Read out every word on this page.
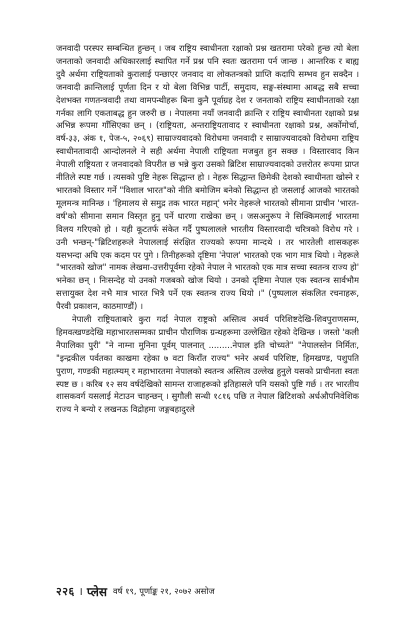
जनवादी परस्पर सम्बन्धित हुन्छन् । जब राष्ट्रिय स्वाधीनता रक्षाको प्रश्न खतरामा परेको हुन्छ त्यो बेला जनताको जनवादी अधिकारलाई स्थापित गर्ने प्रश्न पनि स्वतः खतरामा पर्न जान्छ । आन्तरिक र बाह्य दुवै अर्थमा राष्ट्रियताको कुरालाई पन्छाएर जनवाद वा लोकतन्त्रको प्राप्ति कदापि सम्भव हुन सक्दैन । जनवादी क्रान्तिलाई पूर्णता दिन र यो बेला विभिन्न पार्टी, समुदाय, सङ्घ-संस्थामा आबद्ध सबै सच्चा देशभक्त गणतन्त्रवादी तथा वामपन्थीहरू बिना कुनै पूर्वाग्रह देश र जनताको राष्ट्रिय स्वाधीनताको रक्षा गर्नका लागि एकताबद्ध हुन जरुरी छ । नेपालमा नयाँ जनवादी क्रान्ति र राष्ट्रिय स्वाधीनता रक्षाको प्रश्न अभिन्न रूपमा गाँसिएका छन् । (राष्ट्रियता, अन्तराष्ट्रियतावाद र स्वाधीनता रक्षाको प्रश्न, अर्कोमोर्चा, वर्ष-३३, अंक १, पेज-५, २०६९) साम्राज्यवादको विरोधमा जनवादी र साम्राज्यवादको विरोधमा राष्ट्रिय स्वाधीनतावादी आन्दोलनले ने सही अर्थमा नेपाली राष्ट्रियता मजबुत हुन सक्छ । विस्तारवाद किन नेपाली राष्ट्रियता र जनवादको विपरीत छ भन्ने कुरा उसको ब्रिटिश साम्राज्यवादको उत्तरोतर रूपमा प्राप्त नीतिले स्पष्ट गर्छ । त्यसको पुष्टि नेहरू सिद्धान्त हो । नेहरू सिद्धान्त छिमेकी देशको स्वाधीनता खोस्ने र भारतको विस्तार गर्ने "विशाल भारत"को नीति बमोजिम बनेको सिद्धान्त हो जसलाई आजको भारतको मूलमन्त्र मानिन्छ । 'हिमालय से समुद्र तक भारत महान्' भनेर नेहरूले भारतको सीमाना प्राचीन 'भारत-वर्ष'को सीमाना समान विस्तृत हुनु पर्ने धारणा राखेका छन् । जसअनुरूप ने सिक्किमलाई भारतमा विलय गरिएको हो । यही कूटतर्फ संकेत गर्दै पुष्पलालले भारतीय विस्तारवादी चरित्रको विरोध गरे । उनी भन्छन्-"ब्रिटिशहरूले नेपाललाई संरक्षित राज्यको रूपमा मान्दथे । तर भारतेली शासकहरू यसभन्दा अघि एक कदम पर पुगे । तिनीहरूको दृष्टिमा 'नेपाल' भारतको एक भाग मात्र थियो । नेहरूले "भारतको खोज" नामक लेखमा-उत्तरीपूर्वमा रहेको नेपाल ने भारतको एक मात्र सच्चा स्वतन्त्र राज्य हो' भनेका छन् । निःसन्देह यो उनको गजबको खोज थियो । उनको दृष्टिमा नेपाल एक स्वतन्त्र सार्वभौम सत्तायुक्त देश नभै मात्र भारत भित्रै पर्ने एक स्वतन्त्र राज्य थियो ।" (पुष्पलाल संकलित रचनाहरू, पैरवी प्रकाशन, काठमाण्डौं) ।

नेपाली राष्ट्रियताबारे कुरा गर्दा नेपाल राष्ट्रको अस्तित्व अथर्व परिशिष्टदेखि-शिवपुराणसम्म, हिमवत्खण्डदेखि महाभारतसम्मका प्राचीन पौराणिक ग्रन्थहरूमा उल्लेखित रहेको देखिन्छ । जस्तो 'कली नैपालिका पुरी' "ने नाम्ना मुनिना पूर्वम् पालनात् .........नेपाल इति चोच्यते" "नेपालस्तेन निर्मितः, "इन्द्रकील पर्वतका काखमा रहेका ७ वटा किराँत राज्य" भनेर अथर्व परिशिष्ट, हिमखण्ड, पशुपति पुराण, गण्डकी महात्म्यम् र महाभारतमा नेपालको स्वतन्त्र अस्तित्व उल्लेख हुनुले यसको प्राचीनता स्वतः स्पष्ट छ । करिब १२ सय वर्षदेखिको सामन्त राजाहरूको इतिहासले पनि यसको पुष्टि गर्छ । तर भारतीय शासकवर्ग यसलाई मेटाउन चाहन्छन् । सुगौली सन्धी १८१६ पछि त नेपाल ब्रिटिशको अर्धऔपनिवेशिक राज्य ने बन्यो र लखनऊ विद्रोहमा जङ्गबहादुरले

२२६ । प्लेस वर्ष १९, पूर्णाङ्क २१, २०७२ असोज
